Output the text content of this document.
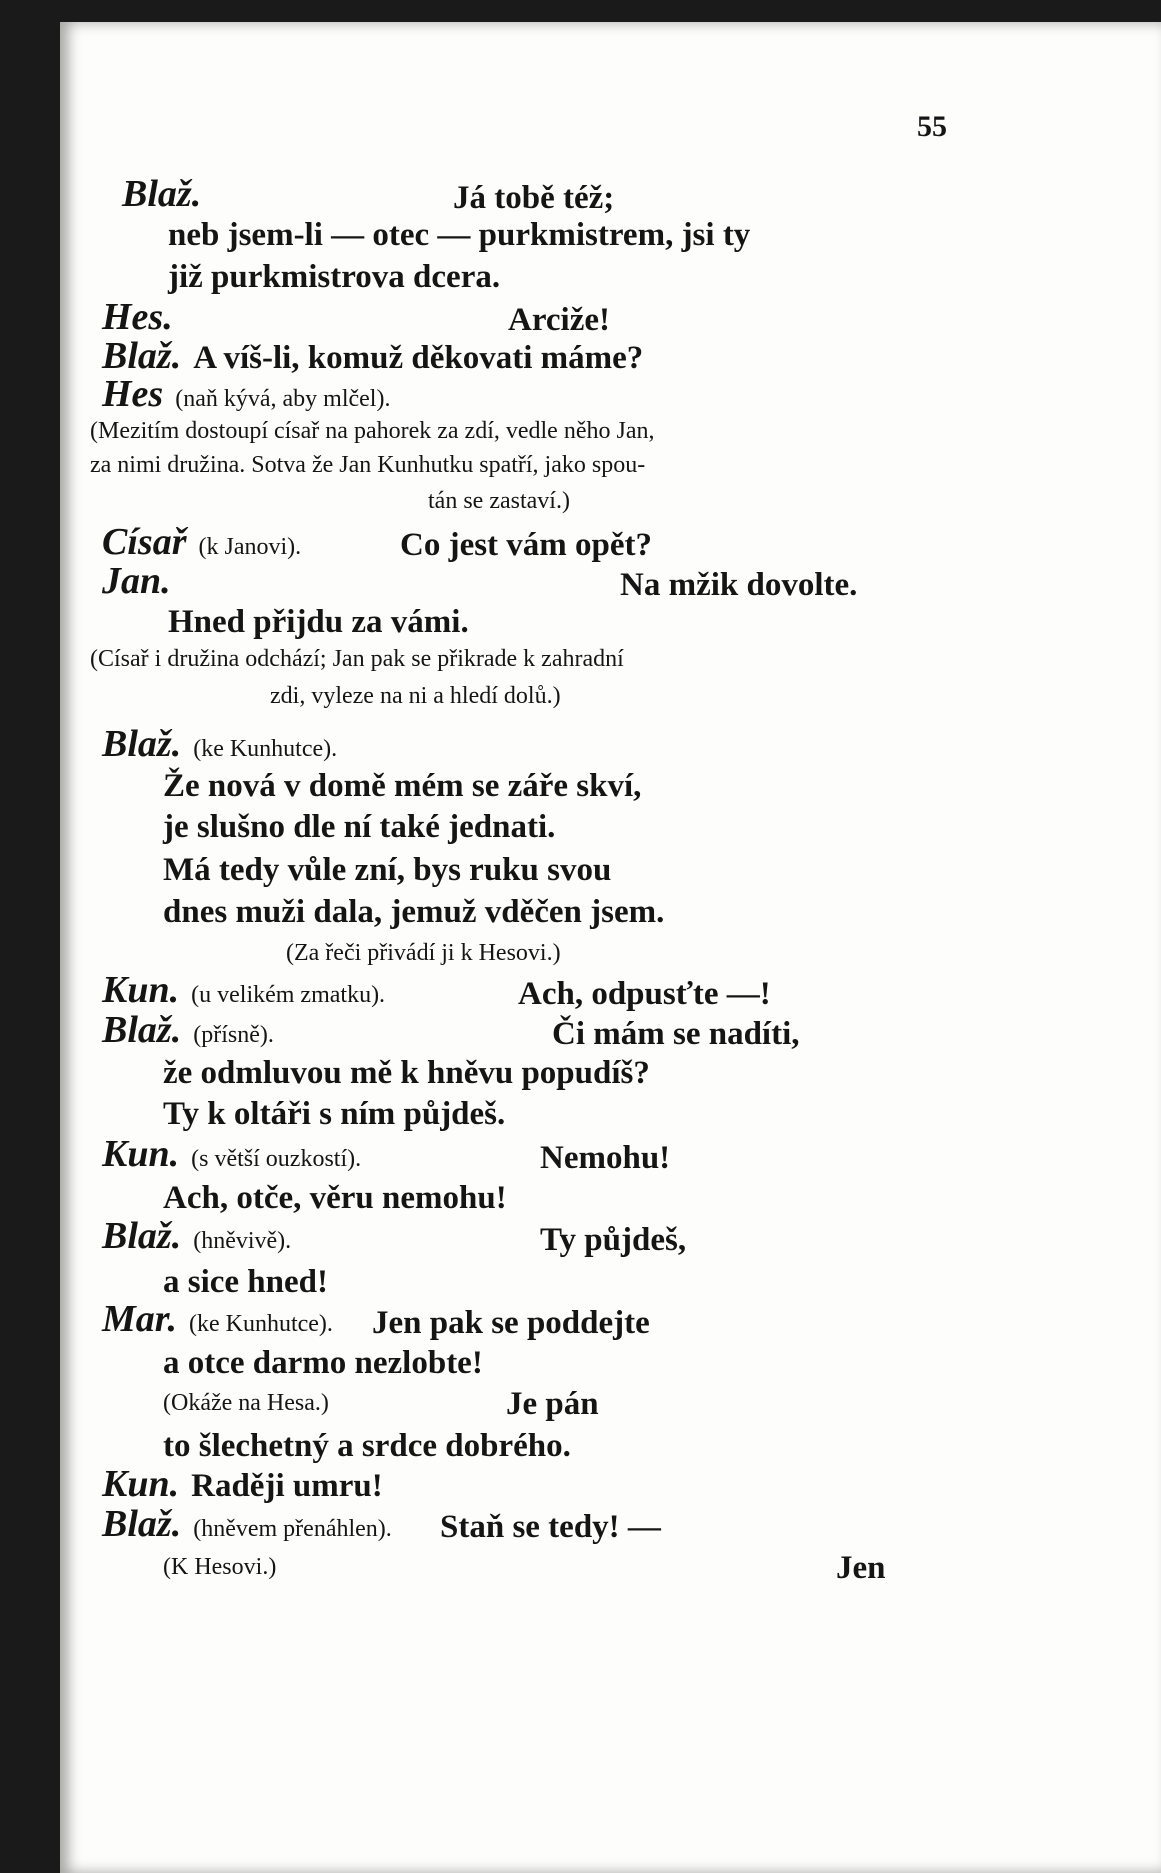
55
Blaž.	Já tobě též;
neb jsem-li — otec — purkmistrem, jsi ty
již purkmistrova dcera.
Hes.	Arciže!
Blaž. A víš-li, komuž děkovati máme?
Hes (naň kývá, aby mlčel).
(Mezitím dostoupí císař na pahorek za zdí, vedle něho Jan,
za nimi družina. Sotva že Jan Kunhutku spatří, jako spou-
tán se zastaví.)
Císař (k Janovi).	Co jest vám opět?
Jan.	Na mžik dovolte.
Hned přijdu za vámi.
(Císař i družina odchází; Jan pak se přikrade k zahradní
zdi, vyleze na ni a hledí dolů.)
Blaž. (ke Kunhutce).
Že nová v domě mém se záře skví,
je slušno dle ní také jednati.
Má tedy vůle zní, bys ruku svou
dnes muži dala, jemuž vděčen jsem.
(Za řeči přivádí ji k Hesovi.)
Kun. (u velikém zmatku).	Ach, odpusťte —!
Blaž. (přísně).	Či mám se nadíti,
že odmluvou mě k hněvu popudíš?
Ty k oltáři s ním půjdeš.
Kun. (s větší ouzkostí).	Nemohu!
Ach, otče, věru nemohu!
Blaž. (hněvivě).	Ty půjdeš,
a sice hned!
Mar. (ke Kunhutce). Jen pak se poddejte
a otce darmo nezlobte!
(Okáže na Hesa.)	Je pán
to šlechetný a srdce dobrého.
Kun. Raději umru!
Blaž. (hněvem přenáhlen). Staň se tedy! —
(K Hesovi.)	Jen
